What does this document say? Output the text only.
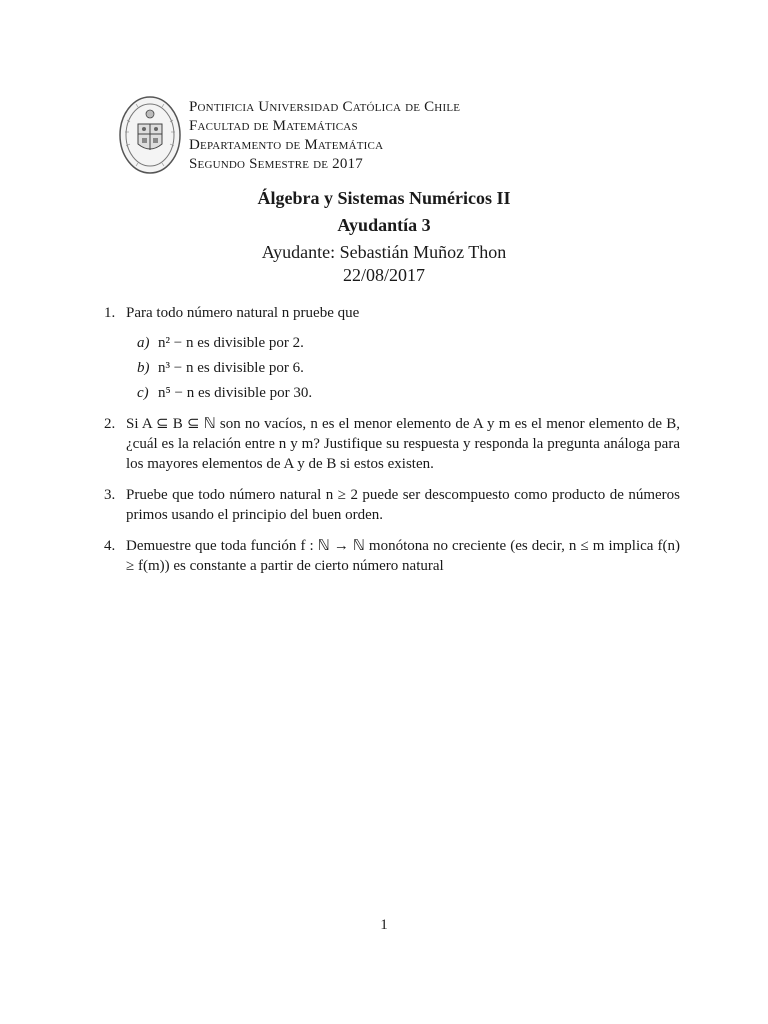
Pontificia Universidad Católica de Chile
Facultad de Matemáticas
Departamento de Matemática
Segundo Semestre de 2017
Álgebra y Sistemas Numéricos II
Ayudantía 3
Ayudante: Sebastián Muñoz Thon
22/08/2017
1. Para todo número natural n pruebe que
a) n² − n es divisible por 2.
b) n³ − n es divisible por 6.
c) n⁵ − n es divisible por 30.
2. Si A ⊆ B ⊆ ℕ son no vacíos, n es el menor elemento de A y m es el menor elemento de B, ¿cuál es la relación entre n y m? Justifique su respuesta y responda la pregunta análoga para los mayores elementos de A y de B si estos existen.
3. Pruebe que todo número natural n ≥ 2 puede ser descompuesto como producto de números primos usando el principio del buen orden.
4. Demuestre que toda función f : ℕ → ℕ monótona no creciente (es decir, n ≤ m implica f(n) ≥ f(m)) es constante a partir de cierto número natural
1
